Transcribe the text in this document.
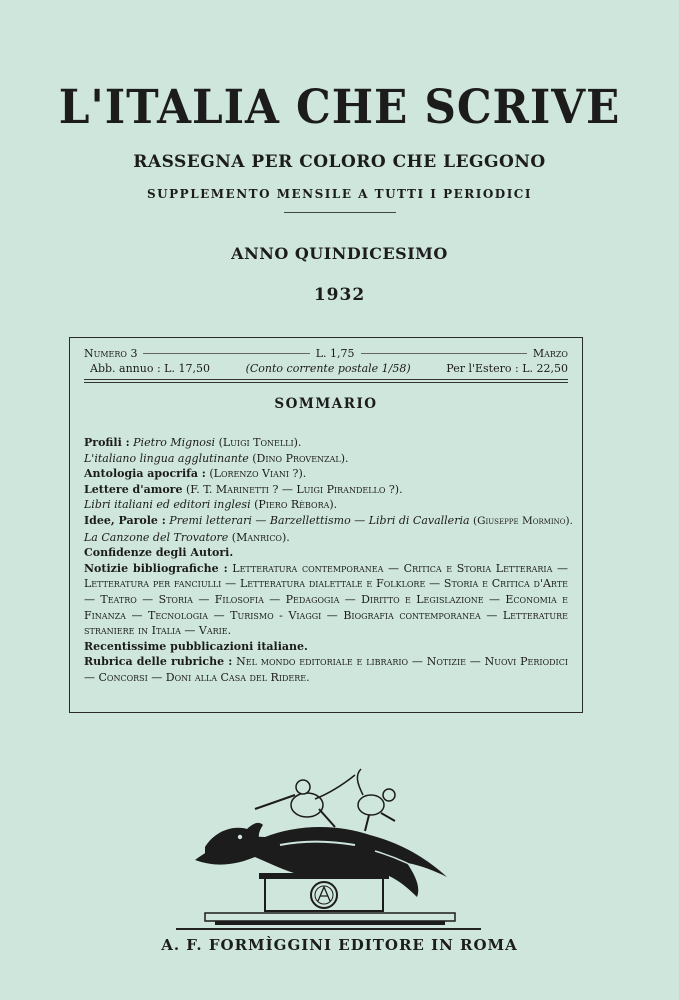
L'ITALIA CHE SCRIVE
RASSEGNA PER COLORO CHE LEGGONO
SUPPLEMENTO MENSILE A TUTTI I PERIODICI
ANNO QUINDICESIMO
1932
Numero 3	L. 1,75	Marzo
Abb. annuo : L. 17,50	(Conto corrente postale 1/58)	Per l'Estero : L. 22,50
SOMMARIO

Profili : Pietro Mignosi (Luigi Tonelli).

L'italiano lingua agglutinante (Dino Provenzal).

Antologia apocrifa : (Lorenzo Viani ?).

Lettere d'amore (F. T. Marinetti ? — Luigi Pirandello ?).

Libri italiani ed editori inglesi (Piero Rèbora).

Idee, Parole : Premi letterari — Barzellettismo — Libri di Cavalleria (Giuseppe Mormino).

La Canzone del Trovatore (Manrico).

Confidenze degli Autori.

Notizie bibliografiche : Letteratura contemporanea — Critica e Storia Letteraria — Letteratura per fanciulli — Letteratura dialettale e Folklore — Storia e Critica d'Arte — Teatro — Storia — Filosofia — Pedagogia — Diritto e Legislazione — Economia e Finanza — Tecnologia — Turismo - Viaggi — Biografia contemporanea — Letterature straniere in Italia — Varie.

Recentissime pubblicazioni italiane.

Rubrica delle rubriche : Nel mondo editoriale e librario — Notizie — Nuovi Periodici — Concorsi — Doni alla Casa del Ridere.

A. F. FORMÌGGINI EDITORE IN ROMA
